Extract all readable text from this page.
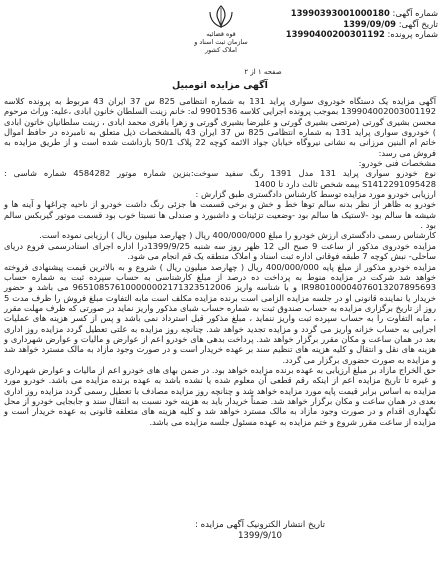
شماره آگهی: 13990393001000180
تاریخ آگهی: 1399/09/09
شماره پرونده: 13990400200301192
قوه قضائیه
سازمان ثبت اسناد و املاک کشور
صفحه ۱ از ۲
آگهی مزایده اتومبیل

آگهی مزایده یک دستگاه خودروی سواری پراید 131 به شماره انتظامی 825 س 37 ایران 43 مربوط به پرونده کلاسه 139904002003001192 بموجب پرونده اجرایی کلاسه 9901536 له: خانم زینت السلطان خانون ابادی ،علیه: وراث مرحوم محسن بشیری گورتی (مرتضی بشیری گورتی و علیرضا بشیری گورتی و زهرا باقری محمد ابادی ، زینت سلطانیان خاتون ابادی ) خودروی سواری پراید 131 به شماره انتظامی 825 س 37 ایران 43 بالمشخصات ذیل متعلق به نامبرده در حافظ اموال خاتم ام البنین مرزانی به نشانی نیروگاه خیابان جواد الائمه کوچه 22 پلاک 50/1 بازداشت شده است و از طریق مزایده به فروش می رسد:

مشخصات فنی خودرو:

نوع خودرو سواری پراید 131 مدل 1391 رنگ سفید سوخت:بنزین شماره موتور 4584282 شماره شاسی : S1412291095428 بیمه شخص ثالث دارد تا 1400

ارزیابی خودرو مورد مزایده توسط کارشناس دادگستری طبق گزارش :

خودرو به ظاهر از نظر بدنه سالم توها خط و خش و برخی قسمت ها جزئی رنگ داشت خودرو از ناحیه چراغها و آینه ها و شیشه ها سالم بود -لاستیک ها سالم بود -وضعیت تزئینات و داشبورد و صندلی ها نسبتا خوب بود قسمت موتور گیربکس سالم بود .

کارشناس رسمی دادگستری ارزش خودرو را مبلغ 400/000/000 ریال ( چهارصد میلیون ریال ) ارزیابی نموده است.

مزایده خودروی مذکور از ساعت 9 صبح الی 12 ظهر روز سه شنبه 1399/9/25درا اداره اجرای اسنادرسمی فروع دریای ساحلی- نبش کوچه 7 طبقه فوقانی اداره ثبت اسناد و املاک منطقه یک قم انجام می شود.

مزایده خودرو مذکور از مبلغ پایه 400/000/000 ریال ( چهارصد میلیون ریال ) شروع و به بالاترین قیمت پیشنهادی فروخته خواهد شد شرکت در مزایده منوط به پرداخت ده درصد از مبلغ کارشناسی به حساب سپرده ثبت به شماره حساب IR980100004076013207895693 و با شناسه واریز 965108576100000002171323512006 می باشد و حضور خریدار یا نماینده قانونی او در جلسه مزایده الزامی است برنده مزایده مکلف است مابه التفاوت مبلغ فروش را ظرف مدت 5 روز از تاریخ برگزاری مزایده به حساب صندوق ثبت به شماره حساب شبای مذکور واریز نماید در صورتی که ظرف مهلت مقرر ، مابه التفاوت را به حساب سپرده ثبت واریز ننماید ، مبلغ مذکور قبل استرداد نمی باشد و پس از کسر هزینه های عملیات اجرایی به حساب خزانه واریز می گردد و مزایده تجدید خواهد شد. چنانچه روز مزایده به علتی تعطیل گردد مزایده روز اداری بعد در همان ساعت و مکان مقرر برگزار خواهد شد. پرداخت بدهی های خودرو اعم از عوارض و مالیات و عوارض شهرداری و هزینه های نقل و انتقال و کلیه هزینه های تنظیم سند بر عهده خریدار است و در صورت وجود مازاد به مالک مسترد خواهد شد و مزایده به صورت حضوری برگزار می گردد.

حق الخراج مازاد بر مبلغ ارزیابی به عهده برنده مزایده خواهد بود. در ضمن بهای های خودرو اعم از مالیات و عوارض شهرداری و غیره تا تاریخ مزایده اعم از اینکه رقم قطعی آن معلوم شده یا نشده باشد به عهده برنده مزایده می باشد. خودرو مورد مزایده به اساس برابر قیمت پایه مورد مزایده خواهد شد و چنانچه روز مزایده مصادف با تعطیل رسمی گردد مزایده روز اداری بعدی در همان ساعت و مکان برگزار خواهد شد. ضمناً خریدار باید به هزینه خود نسبت به انتقال سند و جابجایی خودرو از محل نگهداری اقدام و در صورت وجود مازاد به مالک مسترد خواهد شد و کلیه هزینه های متعلقه قانونی به عهده خریدار است و مزایده از ساعت مقرر شروع و ختم مزایده به عهده مسئول جلسه مزایده می باشد.

تاریخ انتشار الکترونیک آگهی مزایده :
1399/9/10
